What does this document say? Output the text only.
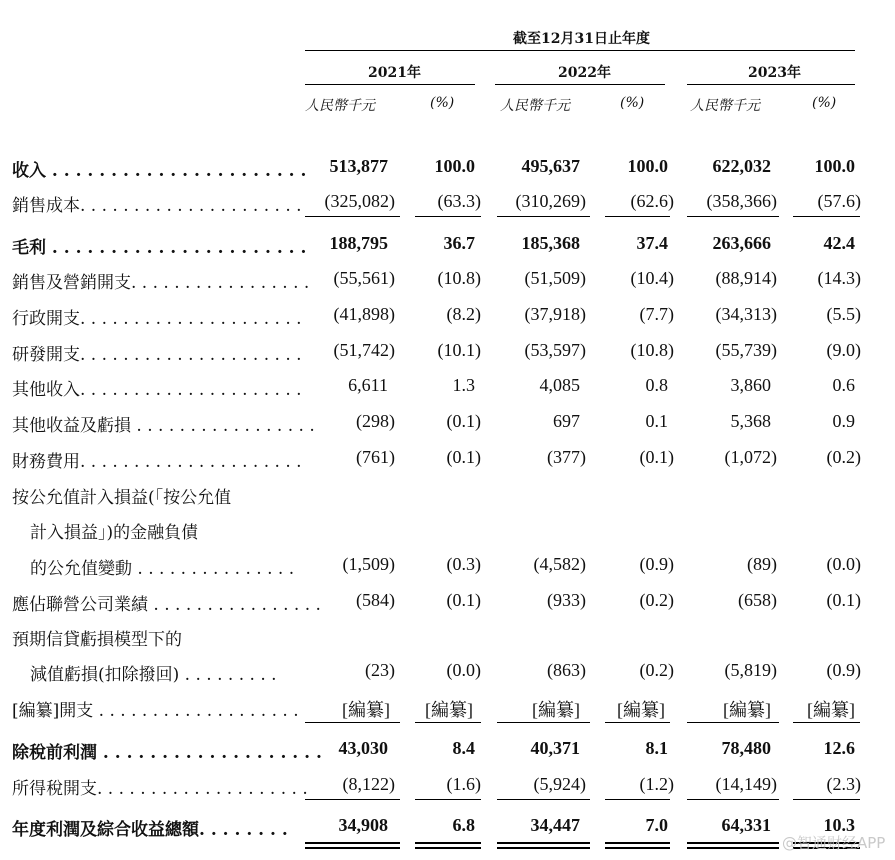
截至12月31日止年度
2021年	2022年	2023年
人民幣千元	(%)	人民幣千元	(%)	人民幣千元	(%)
收入 . . . . . . . . . . . . . . . . . . . . . . 513,877	100.0	495,637	100.0 622,032 100.0
銷售成本. . . . . . . . . . . . . . . . . . . . . (325,082) (63.3) (310,269) (62.6) (358,366) (57.6)
毛利 . . . . . . . . . . . . . . . . . . . . . . 188,795	36.7	185,368	37.4 263,666	42.4
銷售及營銷開支. . . . . . . . . . . . . . . . . (55,561) (10.8) (51,509) (10.4) (88,914) (14.3)
行政開支. . . . . . . . . . . . . . . . . . . . . (41,898)	(8.2) (37,918)	(7.7) (34,313)	(5.5)
研發開支. . . . . . . . . . . . . . . . . . . . . (51,742) (10.1) (53,597) (10.8) (55,739)	(9.0)
其他收入. . . . . . . . . . . . . . . . . . . . .	6,611	1.3	4,085	0.8	3,860	0.6
其他收益及虧損 . . . . . . . . . . . . . . . . . (298)	(0.1)	697	0.1	5,368	0.9
財務費用. . . . . . . . . . . . . . . . . . . . .	(761)	(0.1)	(377)	(0.1)	(1,072)	(0.2)
按公允值計入損益(「按公允值
計入損益」)的金融負債
的公允值變動 . . . . . . . . . . . . . . .	(1,509)	(0.3)	(4,582)	(0.9)	(89)	(0.0)
應佔聯營公司業績 . . . . . . . . . . . . . . . . (584)	(0.1)	(933)	(0.2)	(658)	(0.1)
預期信貸虧損模型下的
減值虧損(扣除撥回) . . . . . . . . .	(23)	(0.0)	(863)	(0.2)	(5,819)	(0.9)
[編纂]開支 . . . . . . . . . . . . . . . . . . . [編纂] [編纂]	[編纂] [編纂]	[編纂] [編纂]
除稅前利潤 . . . . . . . . . . . . . . . . . . . 43,030	8.4	40,371	8.1	78,480	12.6
所得稅開支. . . . . . . . . . . . . . . . . . . . (8,122)	(1.6)	(5,924)	(1.2) (14,149)	(2.3)
年度利潤及綜合收益總額. . . . . . . .	34,908	6.8	34,447	7.0	64,331	10.3
@智通财经APP
